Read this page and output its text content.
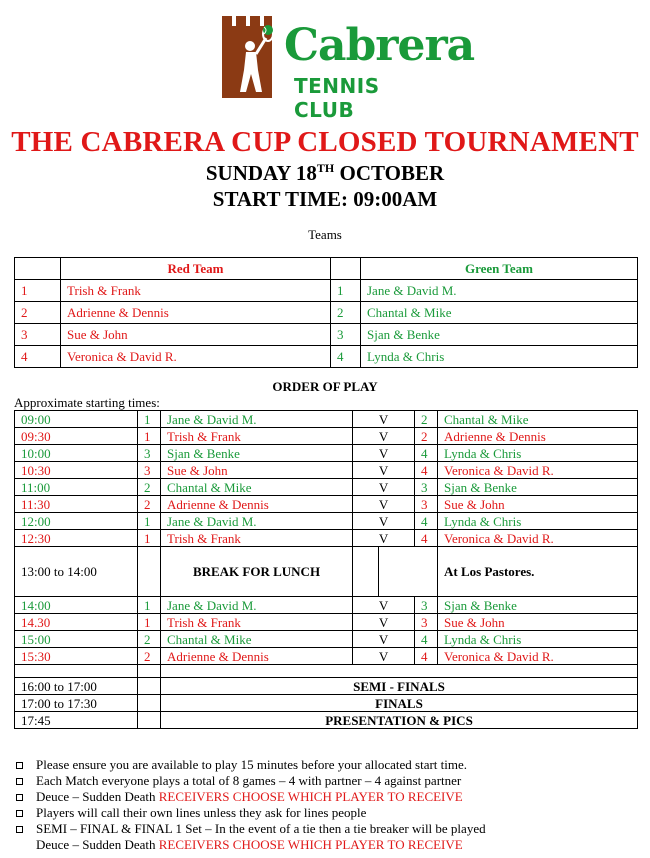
Cabrera
TENNIS CLUB
THE CABRERA CUP CLOSED TOURNAMENT
SUNDAY 18TH OCTOBER
START TIME: 09:00AM
Teams
	Red Team		Green Team
1	Trish & Frank	1	Jane & David M.
2	Adrienne & Dennis	2	Chantal & Mike
3	Sue & John	3	Sjan & Benke
4	Veronica & David R.	4	Lynda & Chris
ORDER OF PLAY
Approximate starting times:
09:00	1	Jane & David M.	V		2	Chantal & Mike
09:30	1	Trish & Frank	V		2	Adrienne & Dennis
10:00	3	Sjan & Benke	V		4	Lynda & Chris
10:30	3	Sue & John	V		4	Veronica & David R.
11:00	2	Chantal & Mike	V		3	Sjan & Benke
11:30	2	Adrienne & Dennis	V		3	Sue & John
12:00	1	Jane & David M.	V		4	Lynda & Chris
12:30	1	Trish & Frank	V		4	Veronica & David R.
13:00 to 14:00		BREAK FOR LUNCH				At Los Pastores.
14:00	1	Jane & David M.	V		3	Sjan & Benke
14.30	1	Trish & Frank	V		3	Sue & John
15:00	2	Chantal & Mike	V		4	Lynda & Chris
15:30	2	Adrienne & Dennis	V		4	Veronica & David R.

16:00 to 17:00		SEMI - FINALS				
17:00 to 17:30		FINALS				
17:45		PRESENTATION & PICS				
Please ensure you are available to play 15 minutes before your allocated start time.
Each Match everyone plays a total of 8 games – 4 with partner – 4 against partner
Deuce – Sudden Death RECEIVERS CHOOSE WHICH PLAYER TO RECEIVE
Players will call their own lines unless they ask for lines people
SEMI – FINAL & FINAL 1 Set – In the event of a tie then a tie breaker will be played
Deuce – Sudden Death RECEIVERS CHOOSE WHICH PLAYER TO RECEIVE
